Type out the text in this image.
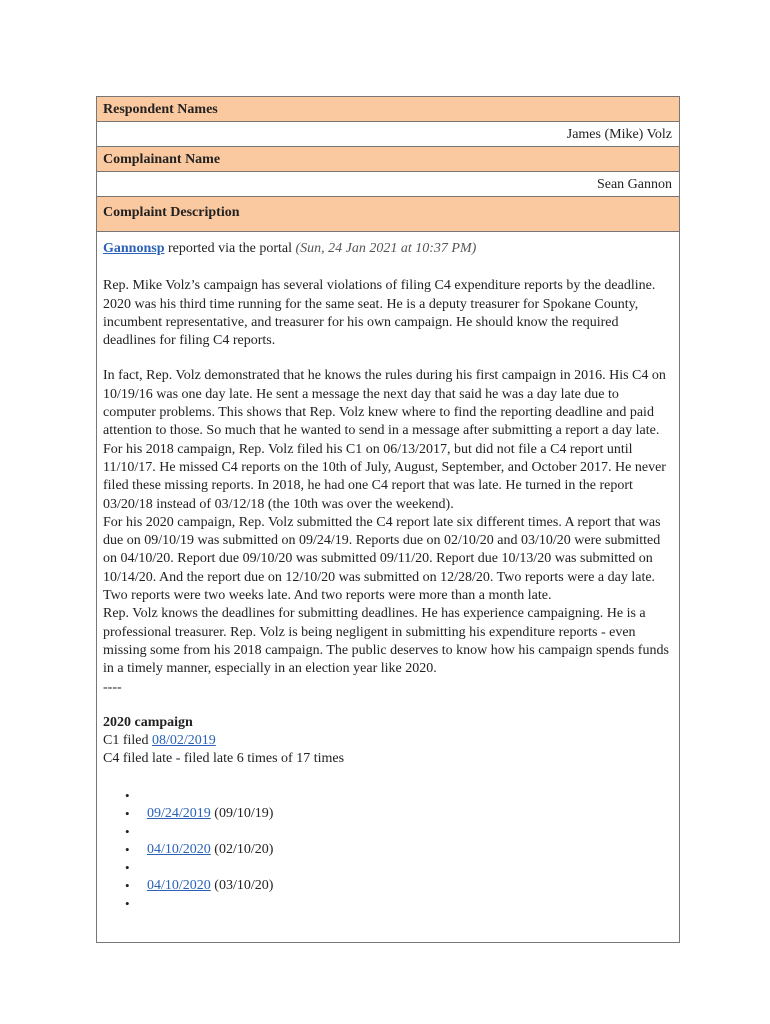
Respondent Names
James (Mike) Volz
Complainant Name
Sean Gannon
Complaint Description

Gannonsp reported via the portal (Sun, 24 Jan 2021 at 10:37 PM)

Rep. Mike Volz’s campaign has several violations of filing C4 expenditure reports by the deadline. 2020 was his third time running for the same seat. He is a deputy treasurer for Spokane County, incumbent representative, and treasurer for his own campaign. He should know the required deadlines for filing C4 reports.

In fact, Rep. Volz demonstrated that he knows the rules during his first campaign in 2016. His C4 on 10/19/16 was one day late. He sent a message the next day that said he was a day late due to computer problems. This shows that Rep. Volz knew where to find the reporting deadline and paid attention to those. So much that he wanted to send in a message after submitting a report a day late.

For his 2018 campaign, Rep. Volz filed his C1 on 06/13/2017, but did not file a C4 report until 11/10/17. He missed C4 reports on the 10th of July, August, September, and October 2017. He never filed these missing reports. In 2018, he had one C4 report that was late. He turned in the report 03/20/18 instead of 03/12/18 (the 10th was over the weekend).

For his 2020 campaign, Rep. Volz submitted the C4 report late six different times. A report that was due on 09/10/19 was submitted on 09/24/19. Reports due on 02/10/20 and 03/10/20 were submitted on 04/10/20. Report due 09/10/20 was submitted 09/11/20. Report due 10/13/20 was submitted on 10/14/20. And the report due on 12/10/20 was submitted on 12/28/20. Two reports were a day late. Two reports were two weeks late. And two reports were more than a month late.

Rep. Volz knows the deadlines for submitting deadlines. He has experience campaigning. He is a professional treasurer. Rep. Volz is being negligent in submitting his expenditure reports - even missing some from his 2018 campaign. The public deserves to know how his campaign spends funds in a timely manner, especially in an election year like 2020.

----

2020 campaign

C1 filed 08/02/2019

C4 filed late - filed late 6 times of 17 times

•
• 09/24/2019 (09/10/19)
•
• 04/10/2020 (02/10/20)
•
• 04/10/2020 (03/10/20)
•
